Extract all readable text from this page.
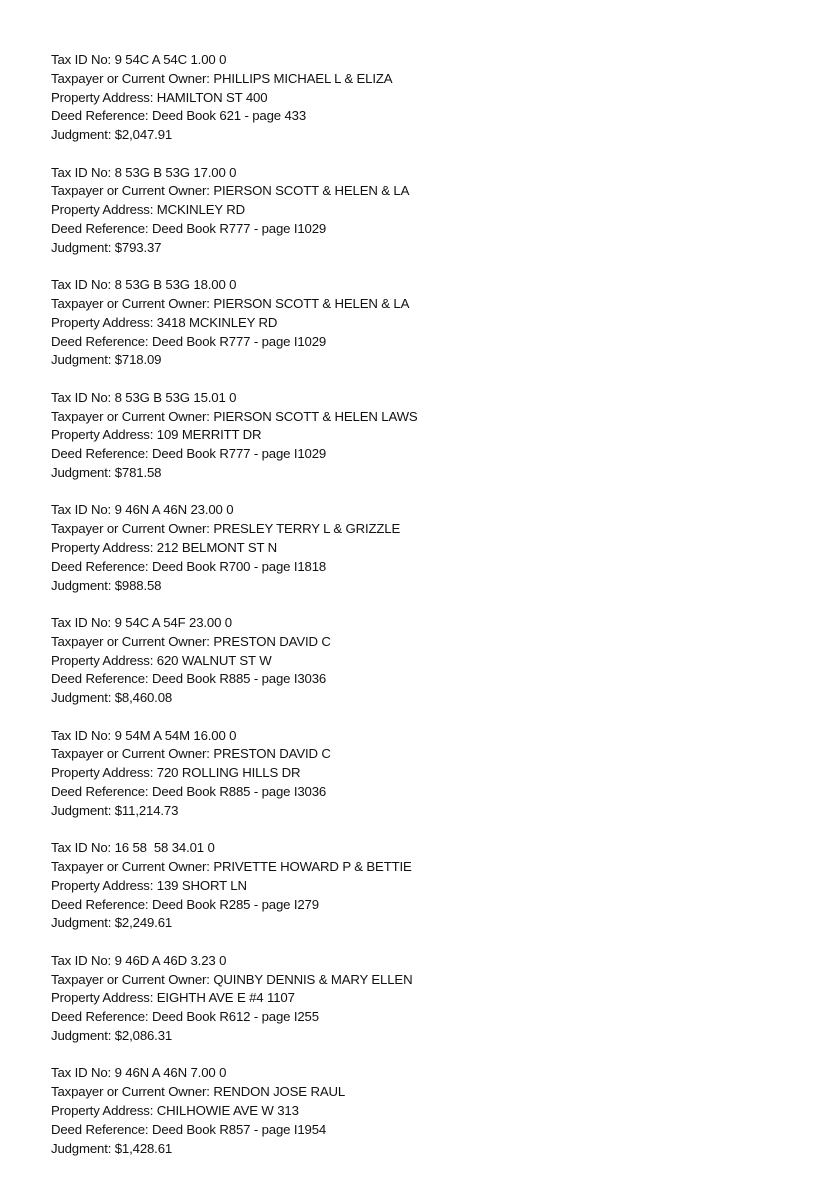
Tax ID No: 9 54C A 54C 1.00 0
Taxpayer or Current Owner: PHILLIPS MICHAEL L & ELIZA
Property Address: HAMILTON ST 400
Deed Reference: Deed Book 621 - page 433
Judgment: $2,047.91
Tax ID No: 8 53G B 53G 17.00 0
Taxpayer or Current Owner: PIERSON SCOTT & HELEN & LA
Property Address: MCKINLEY RD
Deed Reference: Deed Book R777 - page I1029
Judgment: $793.37
Tax ID No: 8 53G B 53G 18.00 0
Taxpayer or Current Owner: PIERSON SCOTT & HELEN & LA
Property Address: 3418 MCKINLEY RD
Deed Reference: Deed Book R777 - page I1029
Judgment: $718.09
Tax ID No: 8 53G B 53G 15.01 0
Taxpayer or Current Owner: PIERSON SCOTT & HELEN LAWS
Property Address: 109 MERRITT DR
Deed Reference: Deed Book R777 - page I1029
Judgment: $781.58
Tax ID No: 9 46N A 46N 23.00 0
Taxpayer or Current Owner: PRESLEY TERRY L & GRIZZLE
Property Address: 212 BELMONT ST N
Deed Reference: Deed Book R700 - page I1818
Judgment: $988.58
Tax ID No: 9 54C A 54F 23.00 0
Taxpayer or Current Owner: PRESTON DAVID C
Property Address: 620 WALNUT ST W
Deed Reference: Deed Book R885 - page I3036
Judgment: $8,460.08
Tax ID No: 9 54M A 54M 16.00 0
Taxpayer or Current Owner: PRESTON DAVID C
Property Address: 720 ROLLING HILLS DR
Deed Reference: Deed Book R885 - page I3036
Judgment: $11,214.73
Tax ID No: 16 58  58 34.01 0
Taxpayer or Current Owner: PRIVETTE HOWARD P & BETTIE
Property Address: 139 SHORT LN
Deed Reference: Deed Book R285 - page I279
Judgment: $2,249.61
Tax ID No: 9 46D A 46D 3.23 0
Taxpayer or Current Owner: QUINBY DENNIS & MARY ELLEN
Property Address: EIGHTH AVE E #4 1107
Deed Reference: Deed Book R612 - page I255
Judgment: $2,086.31
Tax ID No: 9 46N A 46N 7.00 0
Taxpayer or Current Owner: RENDON JOSE RAUL
Property Address: CHILHOWIE AVE W 313
Deed Reference: Deed Book R857 - page I1954
Judgment: $1,428.61
